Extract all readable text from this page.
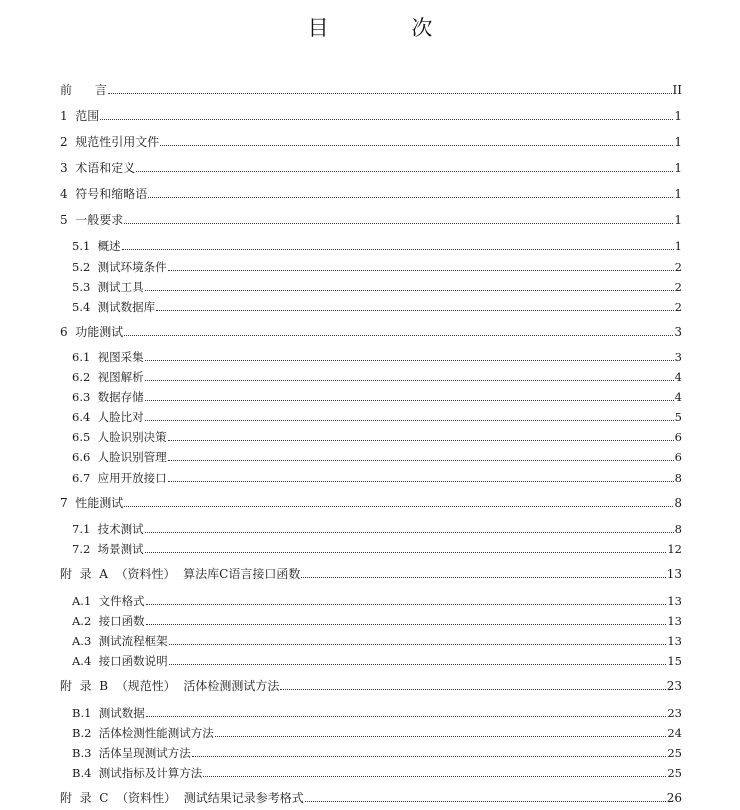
目 次
前      言	II
1  范围	1
2  规范性引用文件	1
3  术语和定义	1
4  符号和缩略语	1
5  一般要求	1
5.1  概述	1
5.2  测试环境条件	2
5.3  测试工具	2
5.4  测试数据库	2
6  功能测试	3
6.1  视图采集	3
6.2  视图解析	4
6.3  数据存储	4
6.4  人脸比对	5
6.5  人脸识别决策	6
6.6  人脸识别管理	6
6.7  应用开放接口	8
7  性能测试	8
7.1  技术测试	8
7.2  场景测试	12
附  录  A  （资料性）  算法库C语言接口函数	13
A.1  文件格式	13
A.2  接口函数	13
A.3  测试流程框架	13
A.4  接口函数说明	15
附  录  B  （规范性）  活体检测测试方法	23
B.1  测试数据	23
B.2  活体检测性能测试方法	24
B.3  活体呈现测试方法	25
B.4  测试指标及计算方法	25
附  录  C  （资料性）  测试结果记录参考格式	26
